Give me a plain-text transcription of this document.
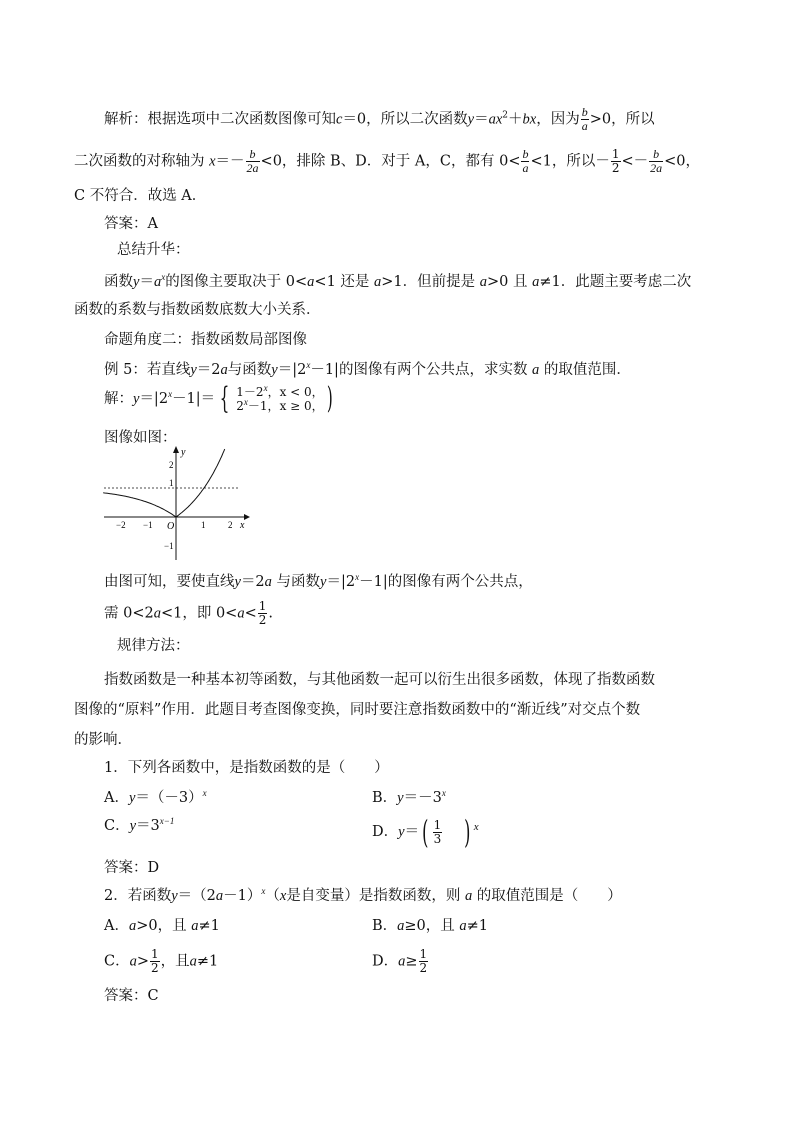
解析：根据选项中二次函数图像可知c＝0，所以二次函数$y=ax^2+bx$，因为 $\frac{b}{a} >0$，所以
二次函数的对称轴为 $x=- \frac{b}{2a} <0$，排除 B、D．对于 A，C，都有 $0< \frac{b}{a} <1$，所以－ $\frac{1}{2} <- \frac{b}{2a} <0$，
C 不符合．故选 A．
答案：A
总结升华：
函数$y=a^x$的图像主要取决于 0<a<1 还是 a>1．但前提是 a>0 且 a≠1．此题主要考虑二次
函数的系数与指数函数底数大小关系．
命题角度二：指数函数局部图像
例 5：若直线y＝2a与函数$y=|2^x-1|$的图像有两个公共点，求实数 a 的取值范围．
解：$y=|2^x-1|=$ { $1-2^x$，x < 0，
$2^x-1$，x ≥ 0， )
图像如图：
y
x
−2 −1 O	1	2
2
1
−1
由图可知，要使直线y＝2a 与函数$y=|2^x-1|$的图像有两个公共点，
需 0<2a<1，即 $0<a< \frac{1}{2}$ .
规律方法：
指数函数是一种基本初等函数，与其他函数一起可以衍生出很多函数，体现了指数函数
图像的“原料”作用．此题目考查图像变换，同时要注意指数函数中的“渐近线”对交点个数
的影响．
1．下列各函数中，是指数函数的是（　　）
A．$y=(-3)^x$	B．$y=-3^x$
C．$y=3^{x-1}$
D．$y=( \frac{1}{3}$ ) $^x$
答案：D
2．若函数$y=(2a-1)^x(x$是自变量）是指数函数，则 a 的取值范围是（　　）
A．a>0，且 a≠1	B．a≥0，且 a≠1
C．$a> \frac{1}{2}$ ，且a≠1	D．$a\ge \frac{1}{2}$
答案：C
